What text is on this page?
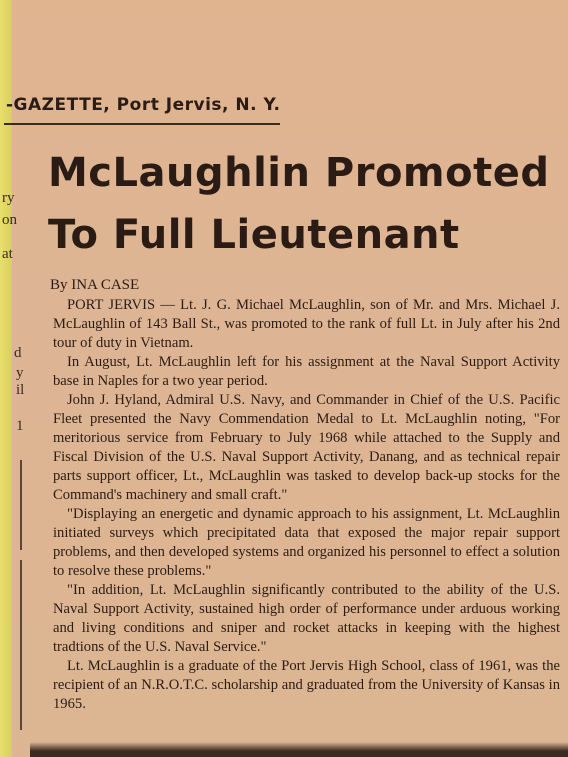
-GAZETTE, Port Jervis, N. Y.
McLaughlin Promoted
To Full Lieutenant
ry
on
at
d
y
il
1
By INA CASE

PORT JERVIS — Lt. J. G. Michael McLaughlin, son of Mr. and Mrs. Michael J. McLaughlin of 143 Ball St., was promoted to the rank of full Lt. in July after his 2nd tour of duty in Vietnam.

In August, Lt. McLaughlin left for his assignment at the Naval Support Activity base in Naples for a two year period.

John J. Hyland, Admiral U.S. Navy, and Commander in Chief of the U.S. Pacific Fleet presented the Navy Commendation Medal to Lt. McLaughlin noting, "For meritorious service from February to July 1968 while attached to the Supply and Fiscal Division of the U.S. Naval Support Activity, Danang, and as technical repair parts support officer, Lt., McLaughlin was tasked to develop back-up stocks for the Command's machinery and small craft."

"Displaying an energetic and dynamic approach to his assignment, Lt. McLaughlin initiated surveys which precipitated data that exposed the major repair support problems, and then developed systems and organized his personnel to effect a solution to resolve these problems."

"In addition, Lt. McLaughlin significantly contributed to the ability of the U.S. Naval Support Activity, sustained high order of performance under arduous working and living conditions and sniper and rocket attacks in keeping with the highest tradtions of the U.S. Naval Service."

Lt. McLaughlin is a graduate of the Port Jervis High School, class of 1961, was the recipient of an N.R.O.T.C. scholarship and graduated from the University of Kansas in 1965.
